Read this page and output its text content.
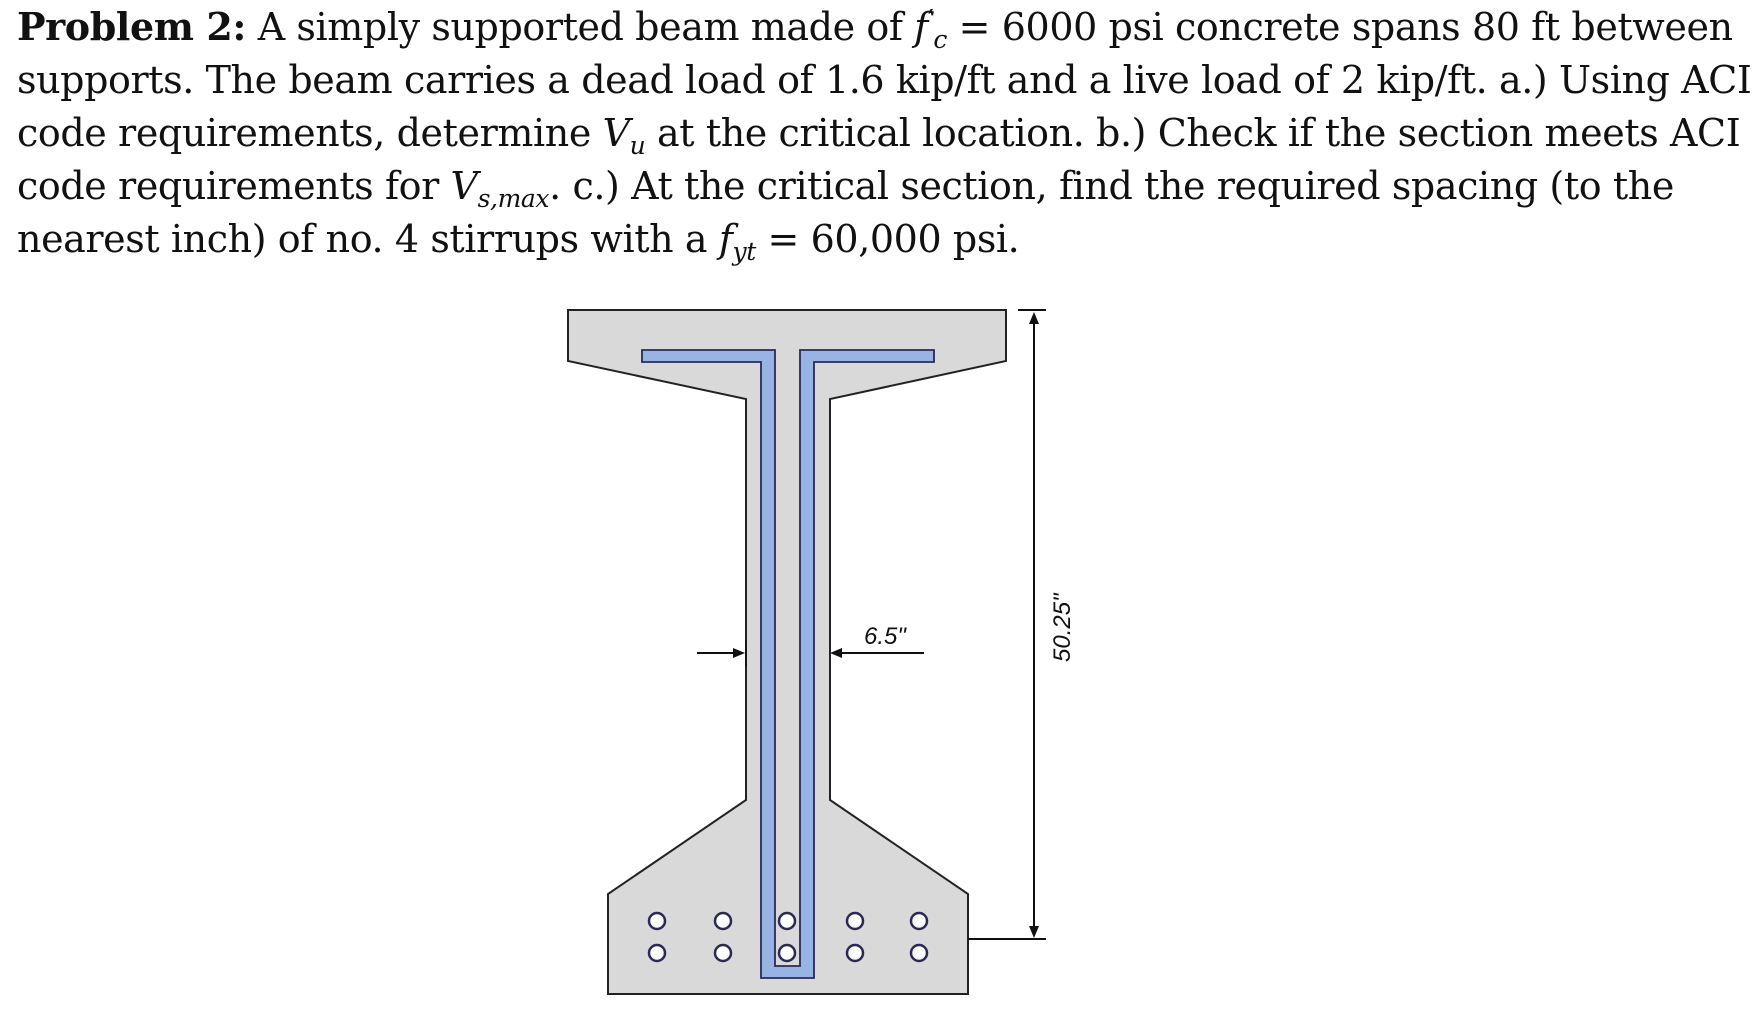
Problem 2: A simply supported beam made of $f'_c = 6000$ psi concrete spans 80 ft between
supports. The beam carries a dead load of 1.6 kip/ft and a live load of 2 kip/ft. a.) Using ACI
code requirements, determine $V_u$ at the critical location. b.) Check if the section meets ACI
code requirements for $V_{s,max}$. c.) At the critical section, find the required spacing (to the
nearest inch) of no. 4 stirrups with a $f_{yt} = 60,000$ psi.
6.5"	50.25"
